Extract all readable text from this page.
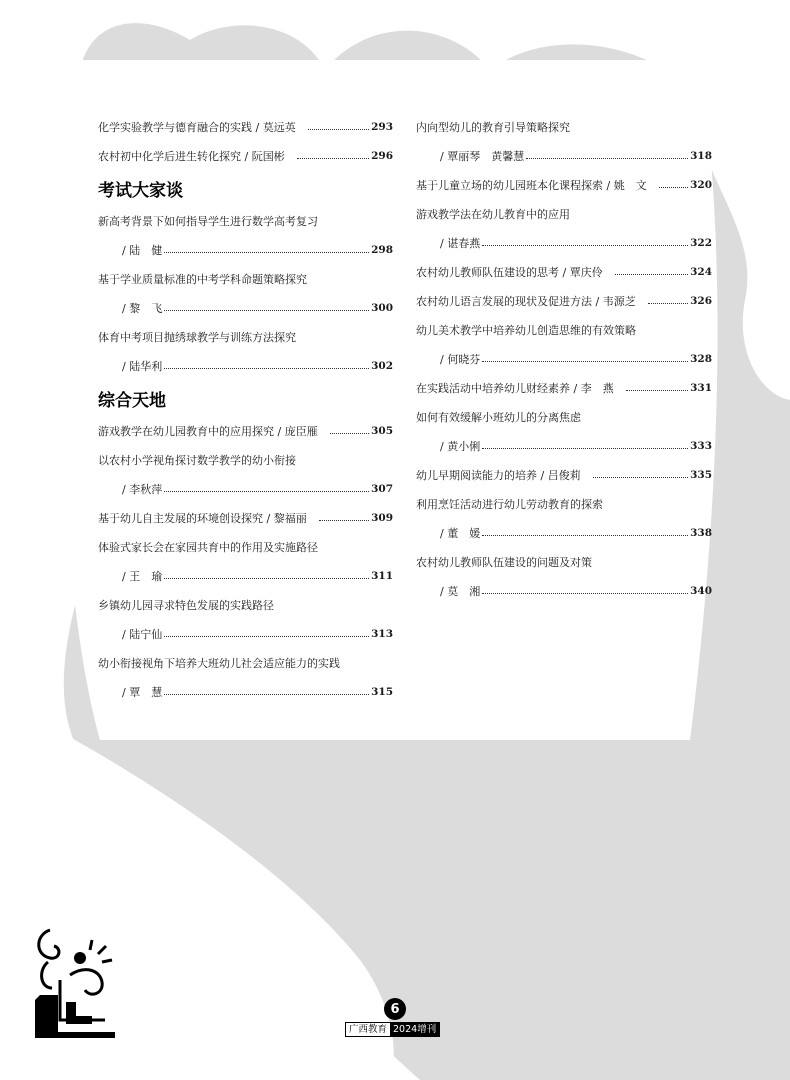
化学实验教学与德育融合的实践 / 莫远英	293
农村初中化学后进生转化探究 / 阮国彬	296
考试大家谈
新高考背景下如何指导学生进行数学高考复习
/ 陆　健	298
基于学业质量标准的中考学科命题策略探究
/ 黎　飞	300
体育中考项目抛绣球教学与训练方法探究
/ 陆华利	302
综合天地
游戏教学在幼儿园教育中的应用探究 / 庞臣雁	305
以农村小学视角探讨数学教学的幼小衔接
/ 李秋萍	307
基于幼儿自主发展的环境创设探究 / 黎福丽	309
体验式家长会在家园共育中的作用及实施路径
/ 王　瑜	311
乡镇幼儿园寻求特色发展的实践路径
/ 陆宁仙	313
幼小衔接视角下培养大班幼儿社会适应能力的实践
/ 覃　慧	315
内向型幼儿的教育引导策略探究
/ 覃丽琴　黄馨慧	318
基于儿童立场的幼儿园班本化课程探索 / 姚　文	320
游戏教学法在幼儿教育中的应用
/ 谌春燕	322
农村幼儿教师队伍建设的思考 / 覃庆伶	324
农村幼儿语言发展的现状及促进方法 / 韦源芝	326
幼儿美术教学中培养幼儿创造思维的有效策略
/ 何晓芬	328
在实践活动中培养幼儿财经素养 / 李　燕	331
如何有效缓解小班幼儿的分离焦虑
/ 黄小俐	333
幼儿早期阅读能力的培养 / 吕俊莉	335
利用烹饪活动进行幼儿劳动教育的探索
/ 董　媛	338
农村幼儿教师队伍建设的问题及对策
/ 莫　湘	340
6
广西教育 2024增刊
